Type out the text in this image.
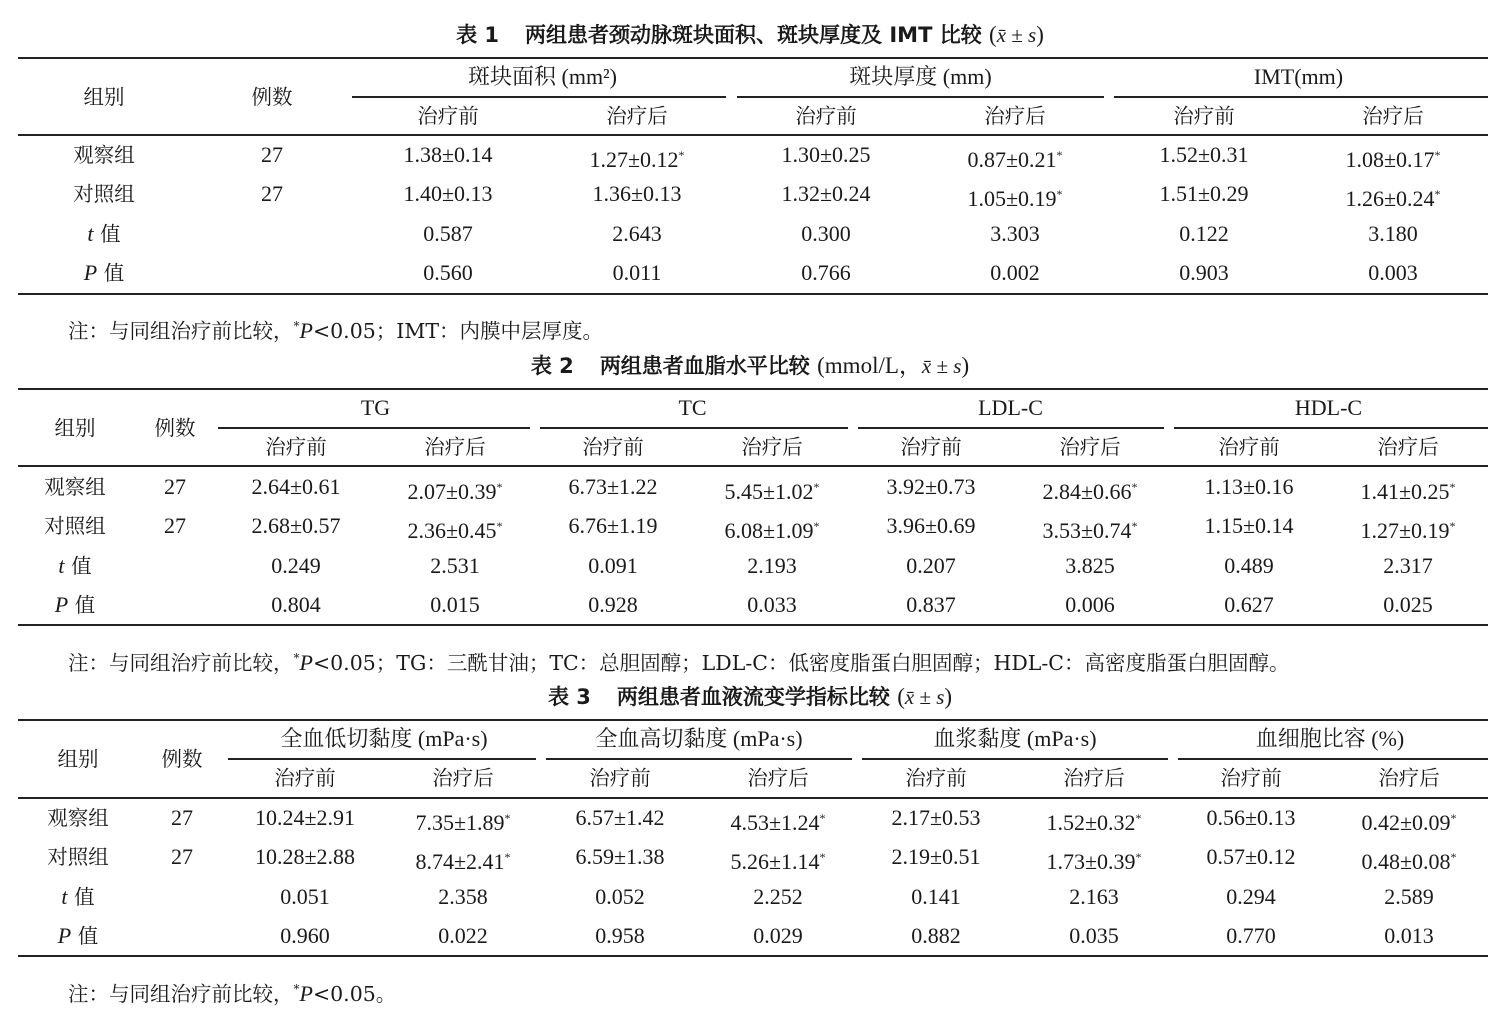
表 1 两组患者颈动脉斑块面积、斑块厚度及 IMT 比较 (x̄ ± s)
组别	例数
斑块面积 (mm²)	斑块厚度 (mm)	IMT(mm)
治疗前	治疗后	治疗前	治疗后	治疗前	治疗后
观察组	27	1.38±0.14	1.27±0.12*	1.30±0.25	0.87±0.21*	1.52±0.31	1.08±0.17*
对照组	27	1.40±0.13	1.36±0.13	1.32±0.24	1.05±0.19*	1.51±0.29	1.26±0.24*
t 值	0.587	2.643	0.300	3.303	0.122	3.180
P 值	0.560	0.011	0.766	0.002	0.903	0.003
注：与同组治疗前比较，*P<0.05；IMT：内膜中层厚度。
表 2 两组患者血脂水平比较 (mmol/L，x̄ ± s)
组别	例数
TG	TC	LDL-C	HDL-C
治疗前	治疗后	治疗前	治疗后	治疗前	治疗后	治疗前	治疗后
观察组	27	2.64±0.61	2.07±0.39*	6.73±1.22	5.45±1.02*	3.92±0.73	2.84±0.66*	1.13±0.16	1.41±0.25*
对照组	27	2.68±0.57	2.36±0.45*	6.76±1.19	6.08±1.09*	3.96±0.69	3.53±0.74*	1.15±0.14	1.27±0.19*
t 值	0.249	2.531	0.091	2.193	0.207	3.825	0.489	2.317
P 值	0.804	0.015	0.928	0.033	0.837	0.006	0.627	0.025
注：与同组治疗前比较，*P<0.05；TG：三酰甘油；TC：总胆固醇；LDL-C：低密度脂蛋白胆固醇；HDL-C：高密度脂蛋白胆固醇。
表 3 两组患者血液流变学指标比较 (x̄ ± s)
组别	例数
全血低切黏度 (mPa·s)	全血高切黏度 (mPa·s)	血浆黏度 (mPa·s)	血细胞比容 (%)
治疗前	治疗后	治疗前	治疗后	治疗前	治疗后	治疗前	治疗后
观察组	27	10.24±2.91	7.35±1.89*	6.57±1.42	4.53±1.24*	2.17±0.53	1.52±0.32*	0.56±0.13	0.42±0.09*
对照组	27	10.28±2.88	8.74±2.41*	6.59±1.38	5.26±1.14*	2.19±0.51	1.73±0.39*	0.57±0.12	0.48±0.08*
t 值	0.051	2.358	0.052	2.252	0.141	2.163	0.294	2.589
P 值	0.960	0.022	0.958	0.029	0.882	0.035	0.770	0.013
注：与同组治疗前比较，*P<0.05。
